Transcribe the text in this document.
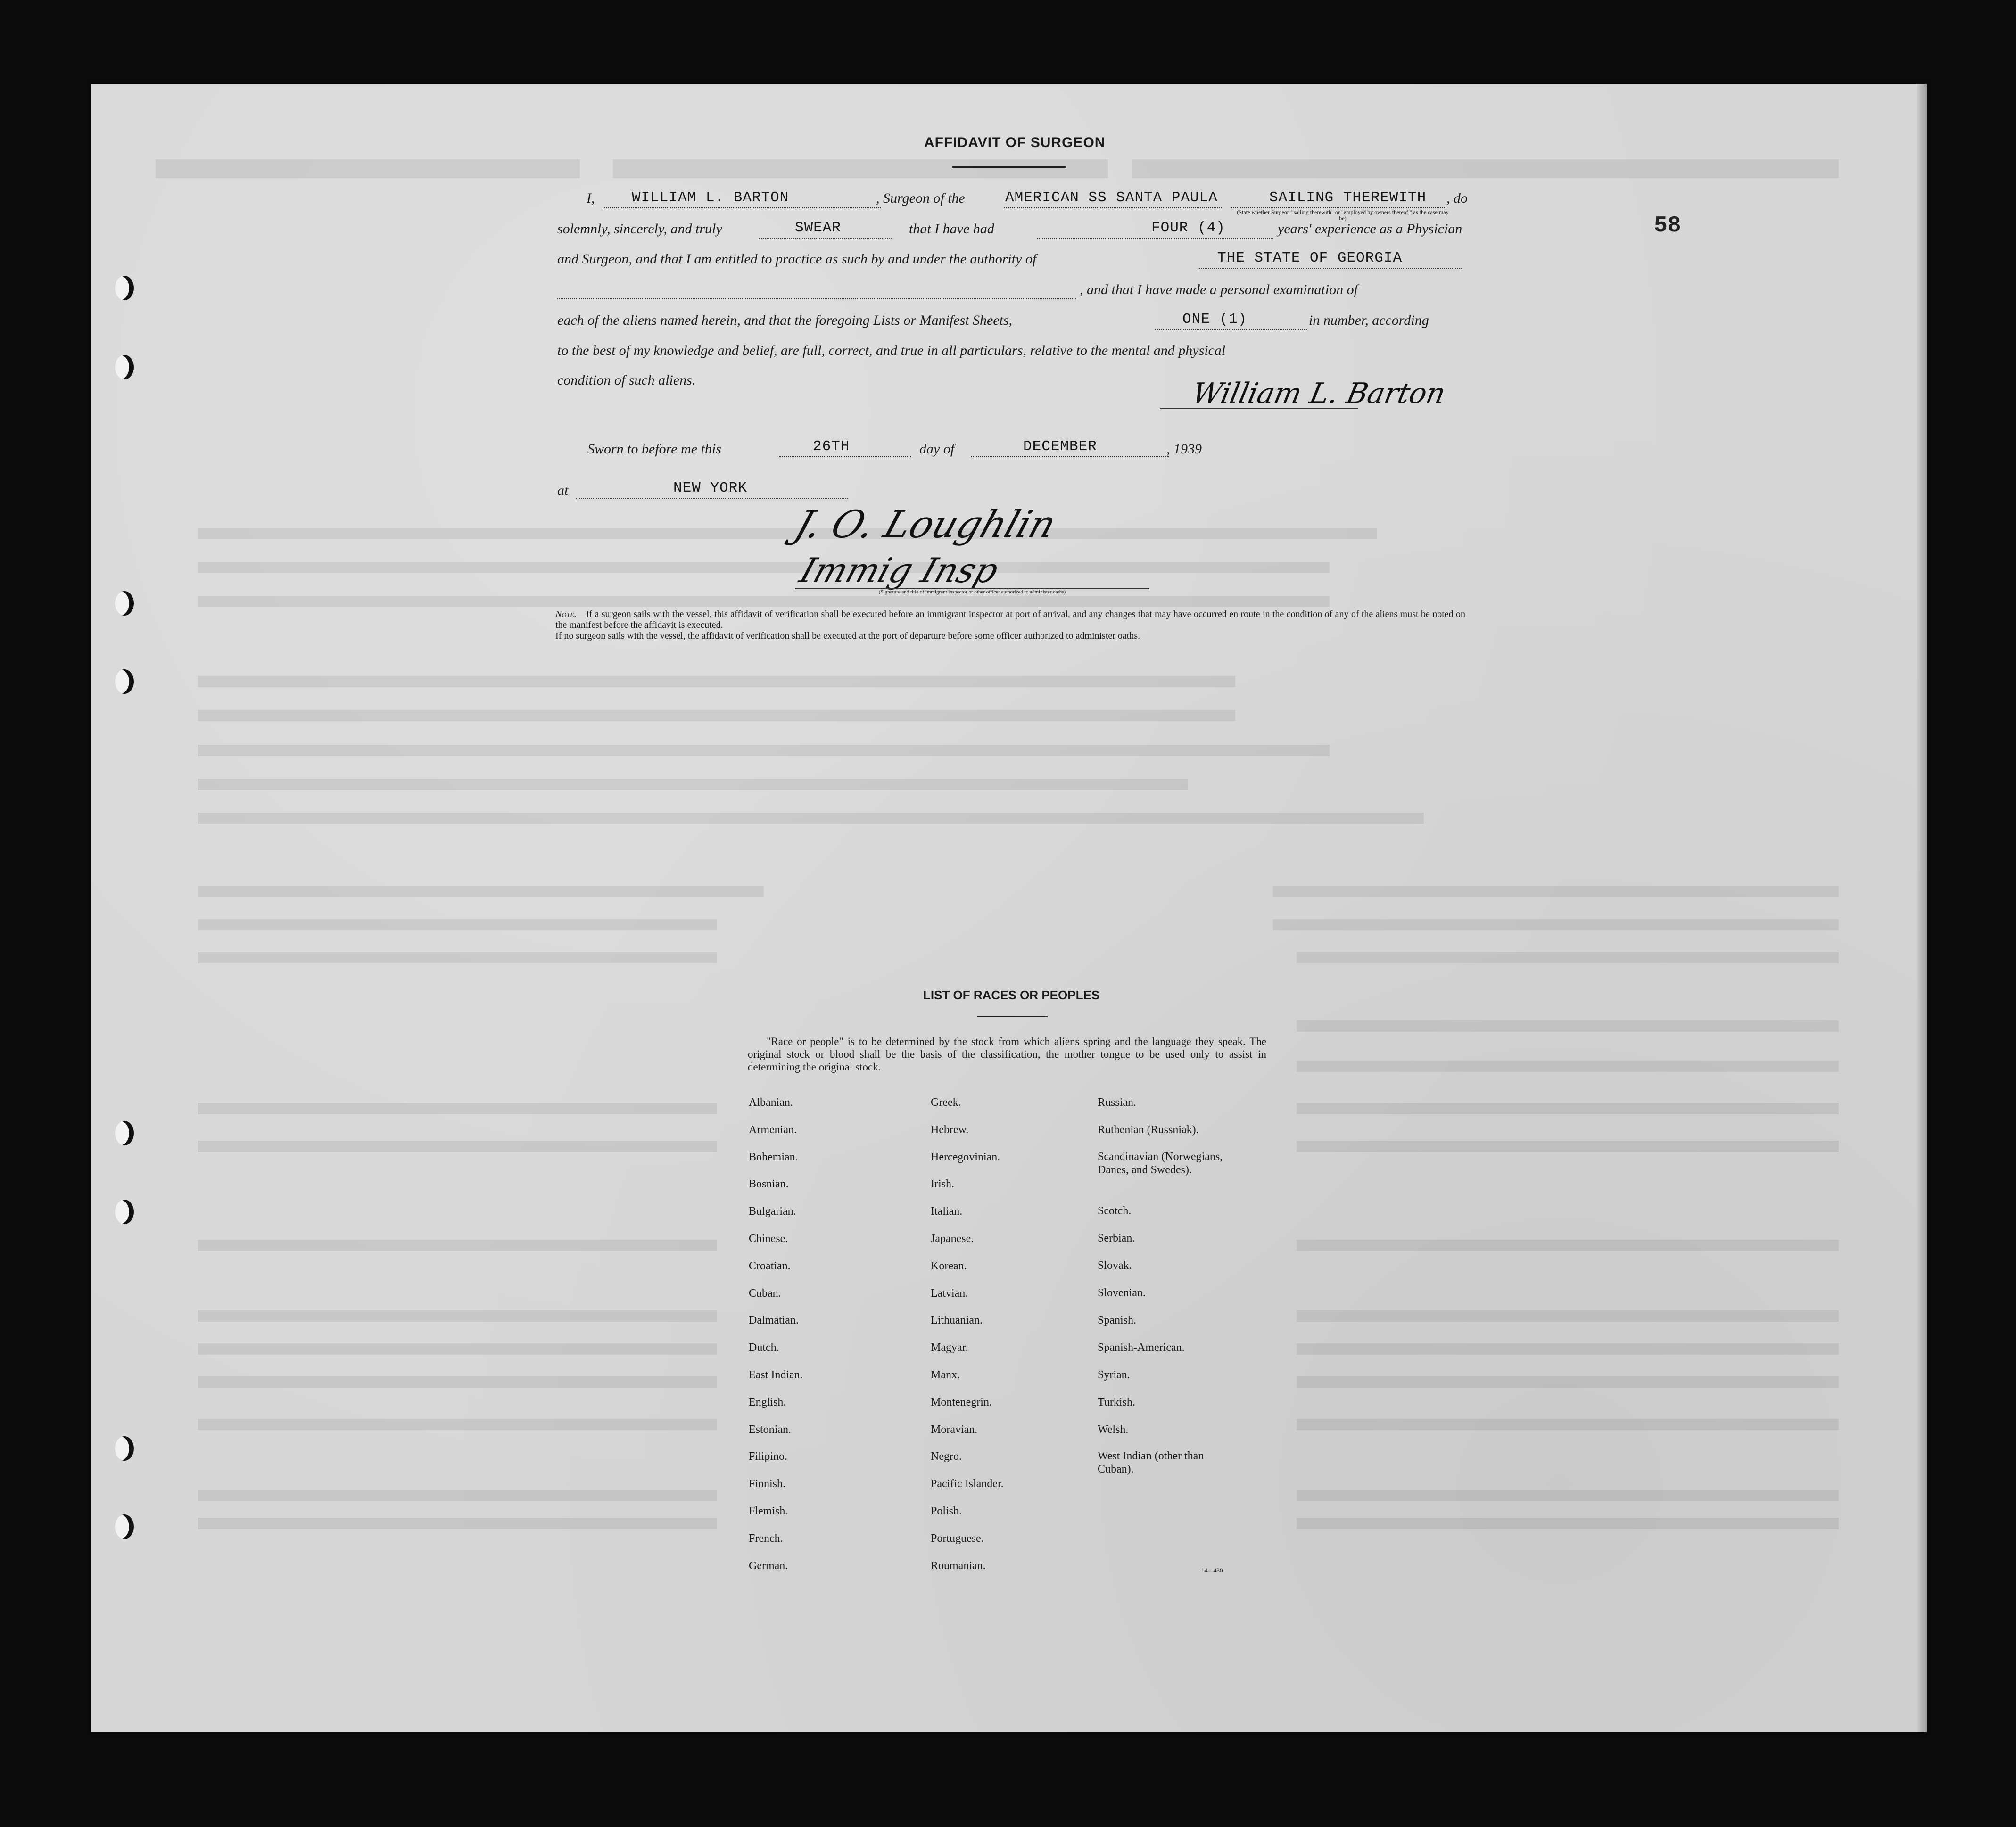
58
AFFIDAVIT OF SURGEON
I,	WILLIAM L. BARTON	, Surgeon of the	AMERICAN SS SANTA PAULA	SAILING THEREWITH , do
(State whether Surgeon "sailing therewith" or "employed by owners thereof," as the case may be)
solemnly, sincerely, and truly	SWEAR	that I have had	FOUR (4)	years' experience as a Physician
and Surgeon, and that I am entitled to practice as such by and under the authority of	THE STATE OF GEORGIA
, and that I have made a personal examination of
each of the aliens named herein, and that the foregoing Lists or Manifest Sheets,	ONE (1)	in number, according
to the best of my knowledge and belief, are full, correct, and true in all particulars, relative to the mental and physical
condition of such aliens.	William L. Barton
Sworn to before me this	26TH	day of	DECEMBER	, 1939
at	NEW YORK
J. O. Loughlin
Immig Insp
(Signature and title of immigrant inspector or other officer authorized to administer oaths)
Note.—If a surgeon sails with the vessel, this affidavit of verification shall be executed before an immigrant inspector at port of arrival, and any changes that may have occurred en route in the condition of any of the aliens must be noted on the manifest before the affidavit is executed.
If no surgeon sails with the vessel, the affidavit of verification shall be executed at the port of departure before some officer authorized to administer oaths.
LIST OF RACES OR PEOPLES
"Race or people" is to be determined by the stock from which aliens spring and the language they speak. The original stock or blood shall be the basis of the classification, the mother tongue to be used only to assist in determining the original stock.
Albanian.
Armenian.
Bohemian.
Bosnian.
Bulgarian.
Chinese.
Croatian.
Cuban.
Dalmatian.
Dutch.
East Indian.
English.
Estonian.
Filipino.
Finnish.
Flemish.
French.
German.
Greek.
Hebrew.
Hercegovinian.
Irish.
Italian.
Japanese.
Korean.
Latvian.
Lithuanian.
Magyar.
Manx.
Montenegrin.
Moravian.
Negro.
Pacific Islander.
Polish.
Portuguese.
Roumanian.
Russian.
Ruthenian (Russniak).
Scandinavian (Norwegians,
Danes, and Swedes).
Scotch.
Serbian.
Slovak.
Slovenian.
Spanish.
Spanish-American.
Syrian.
Turkish.
Welsh.
West Indian (other than
Cuban).
14—430
